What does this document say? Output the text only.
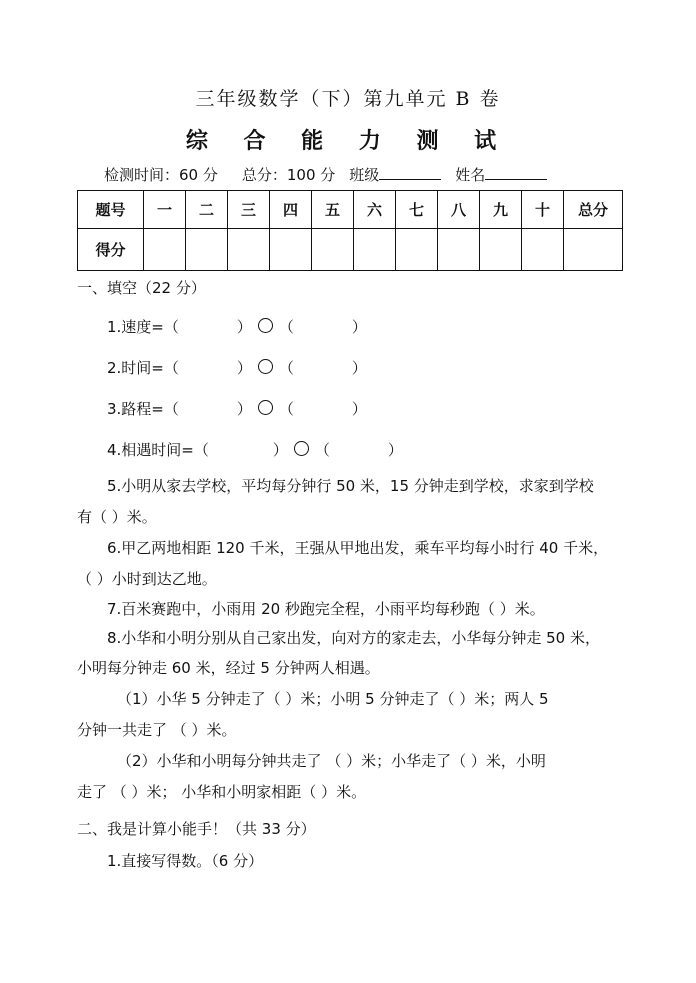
三年级数学（下）第九单元 B 卷
综 合 能 力 测 试
检测时间：60 分 总分：100 分 班级	姓名
题号	一	二	三	四	五	六	七	八	九	十	总分
得分											
一、填空（22 分）
1.速度=（	） （	）
2.时间=（	） （	）
3.路程=（	） （	）
4.相遇时间=（	） （	）
5.小明从家去学校，平均每分钟行 50 米，15 分钟走到学校，求家到学校
有（ ）米。
6.甲乙两地相距 120 千米，王强从甲地出发，乘车平均每小时行 40 千米，
（ ）小时到达乙地。
7.百米赛跑中，小雨用 20 秒跑完全程，小雨平均每秒跑（ ）米。
8.小华和小明分别从自己家出发，向对方的家走去，小华每分钟走 50 米，
小明每分钟走 60 米，经过 5 分钟两人相遇。
（1）小华 5 分钟走了（ ）米；小明 5 分钟走了（ ）米；两人 5
分钟一共走了 （ ）米。
（2）小华和小明每分钟共走了 （ ）米；小华走了（ ）米，小明
走了 （ ）米； 小华和小明家相距（ ）米。
二、我是计算小能手！（共 33 分）
1.直接写得数。（6 分）
